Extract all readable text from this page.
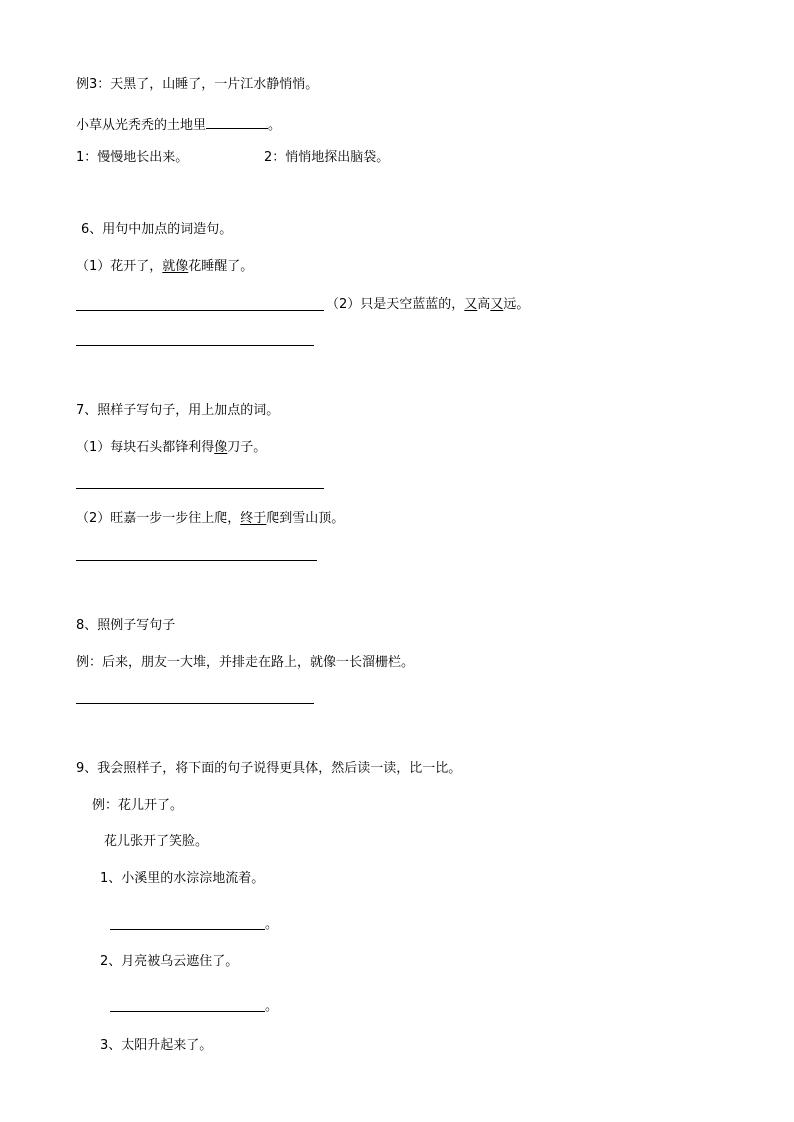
例3：天黑了，山睡了，一片江水静悄悄。
小草从光秃秃的土地里	。
1：慢慢地长出来。	2：悄悄地探出脑袋。
6、用句中加点的词造句。
（1）花开了，就像花睡醒了。
（2）只是天空蓝蓝的，又高又远。
7、照样子写句子，用上加点的词。
（1）每块石头都锋利得像刀子。
（2）旺嘉一步一步往上爬，终于爬到雪山顶。
8、照例子写句子
例：后来，朋友一大堆，并排走在路上，就像一长溜栅栏。
9、我会照样子，将下面的句子说得更具体，然后读一读，比一比。
例：花儿开了。
花儿张开了笑脸。
1、小溪里的水淙淙地流着。
。
2、月亮被乌云遮住了。
。
3、太阳升起来了。
